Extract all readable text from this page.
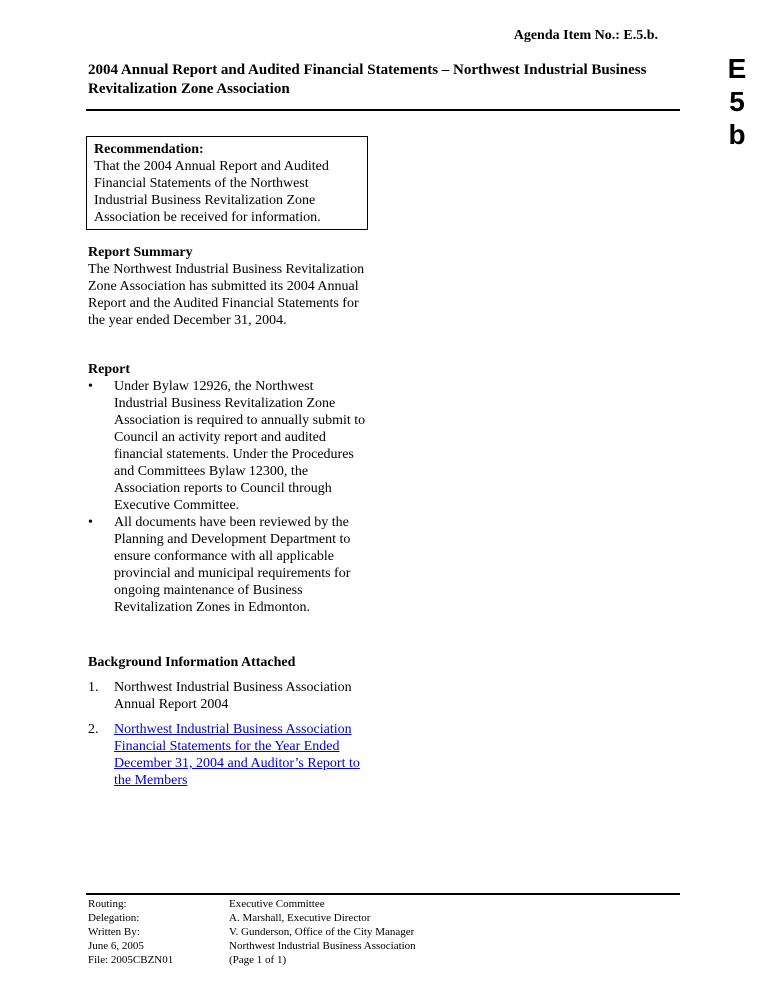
Agenda Item No.: E.5.b.
E
5
b
2004 Annual Report and Audited Financial Statements – Northwest Industrial Business Revitalization Zone Association
Recommendation:
That the 2004 Annual Report and Audited Financial Statements of the Northwest Industrial Business Revitalization Zone Association be received for information.
Report Summary

The Northwest Industrial Business Revitalization Zone Association has submitted its 2004 Annual Report and the Audited Financial Statements for the year ended December 31, 2004.

Report
• Under Bylaw 12926, the Northwest Industrial Business Revitalization Zone Association is required to annually submit to Council an activity report and audited financial statements. Under the Procedures and Committees Bylaw 12300, the Association reports to Council through Executive Committee.
• All documents have been reviewed by the Planning and Development Department to ensure conformance with all applicable provincial and municipal requirements for ongoing maintenance of Business Revitalization Zones in Edmonton.
Background Information Attached
1. Northwest Industrial Business Association Annual Report 2004
2. Northwest Industrial Business Association Financial Statements for the Year Ended December 31, 2004 and Auditor’s Report to the Members
Routing:	Executive Committee
Delegation:	A. Marshall, Executive Director
Written By:	V. Gunderson, Office of the City Manager
June 6, 2005	Northwest Industrial Business Association
File: 2005CBZN01	(Page 1 of 1)
